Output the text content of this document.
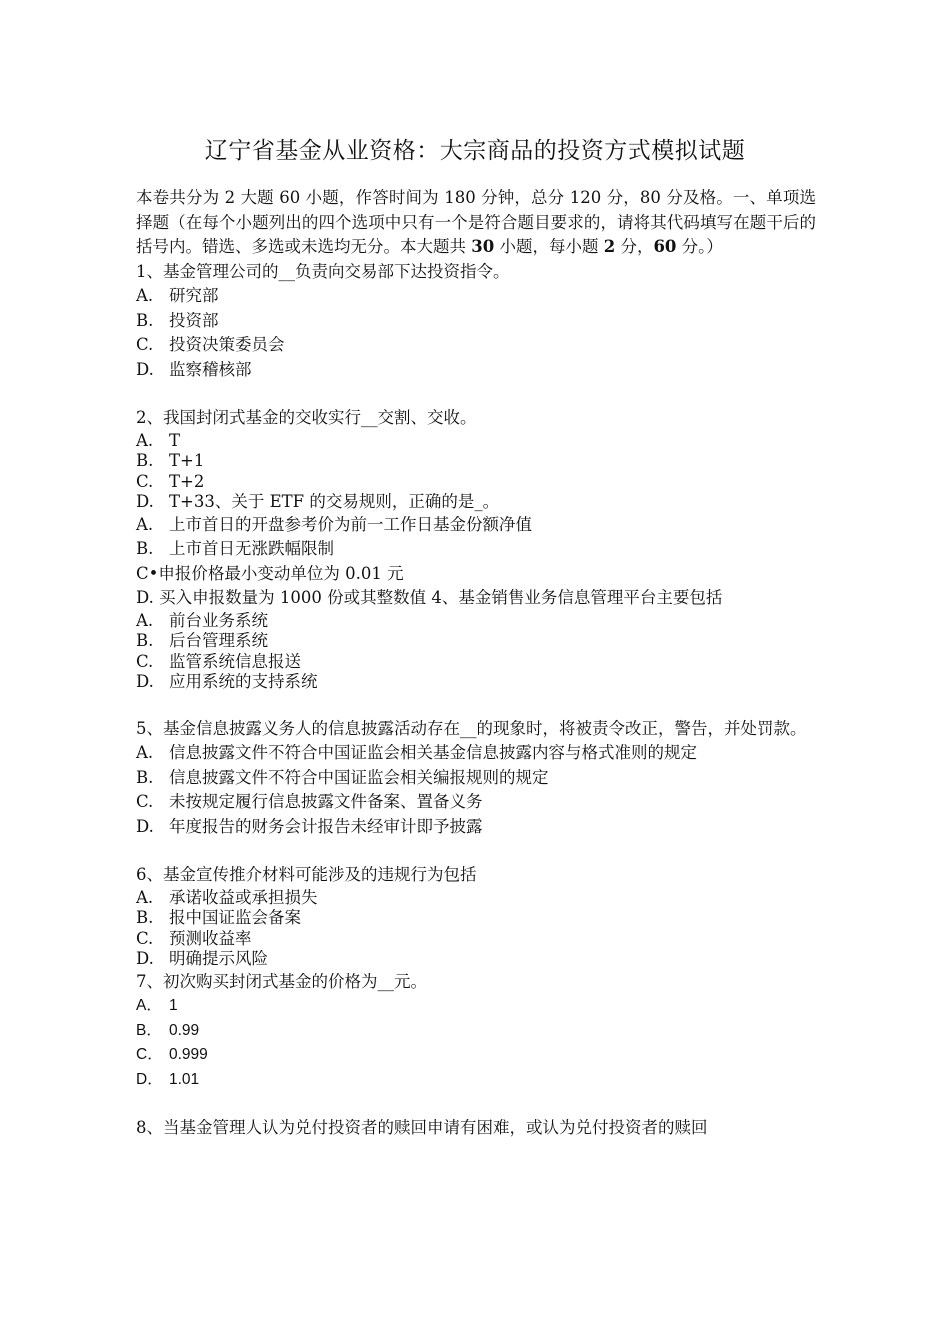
辽宁省基金从业资格：大宗商品的投资方式模拟试题

本卷共分为 2 大题 60 小题，作答时间为 180 分钟，总分 120 分，80 分及格。一、单项选择题（在每个小题列出的四个选项中只有一个是符合题目要求的，请将其代码填写在题干后的括号内。错选、多选或未选均无分。本大题共 30 小题，每小题 2 分，60 分。）

1、基金管理公司的__负责向交易部下达投资指令。

A. 研究部

B. 投资部

C. 投资决策委员会

D. 监察稽核部

2、我国封闭式基金的交收实行__交割、交收。

A. T

B. T+1

C. T+2

D. T+33、关于 ETF 的交易规则，正确的是_。

A. 上市首日的开盘参考价为前一工作日基金份额净值

B. 上市首日无涨跌幅限制

C•申报价格最小变动单位为 0.01 元

D. 买入申报数量为 1000 份或其整数值 4、基金销售业务信息管理平台主要包括

A. 前台业务系统

B. 后台管理系统

C. 监管系统信息报送

D. 应用系统的支持系统

5、基金信息披露义务人的信息披露活动存在__的现象时，将被责令改正，警告，并处罚款。

A. 信息披露文件不符合中国证监会相关基金信息披露内容与格式准则的规定

B. 信息披露文件不符合中国证监会相关编报规则的规定

C. 未按规定履行信息披露文件备案、置备义务

D. 年度报告的财务会计报告未经审计即予披露

6、基金宣传推介材料可能涉及的违规行为包括

A. 承诺收益或承担损失

B. 报中国证监会备案

C. 预测收益率

D. 明确提示风险

7、初次购买封闭式基金的价格为__元。

A． 1

B． 0.99

C． 0.999

D． 1.01

8、当基金管理人认为兑付投资者的赎回申请有困难，或认为兑付投资者的赎回
